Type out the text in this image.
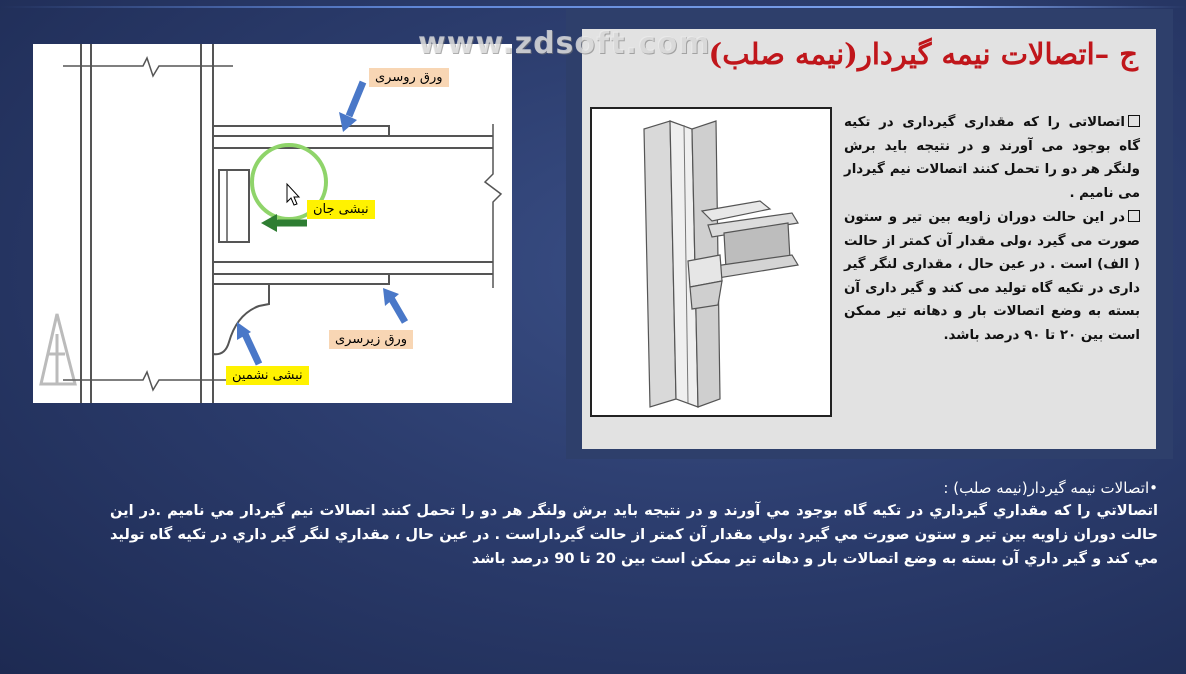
www.zdsoft.com
ورق روسری
نبشی جان
ورق زیرسری
نبشی نشمین
ج –اتصالات نیمه گیردار(نیمه صلب)

اتصالاتی را که مقداری گیرداری در تکیه گاه بوجود می آورند و در نتیجه باید برش ولنگر هر دو را تحمل کنند اتصالات نیم گیردار می نامیم .

در این حالت دوران زاویه بین تیر و ستون صورت می گیرد ،ولی مقدار آن کمتر از حالت ( الف) است . در عین حال ، مقداری لنگر گیر داری در تکیه گاه تولید می کند و گیر داری آن بسته به وضع اتصالات بار و دهانه تیر ممکن است بین ۲۰ تا ۹۰ درصد باشد.

•اتصالات نیمه گیردار(نیمه صلب) :

اتصالاتي را كه مقداري گيرداري در تكيه گاه بوجود مي آورند و در نتيجه بايد برش ولنگر هر دو را تحمل كنند اتصالات نيم گيردار مي ناميم .در اين حالت دوران زاويه بين تير و ستون صورت مي گيرد ،ولي مقدار آن كمتر از حالت گيرداراست . در عين حال ، مقداري لنگر گير داري در تكيه گاه توليد مي كند و گير داري آن بسته به وضع اتصالات بار و دهانه تير ممكن است بين 20 تا 90 درصد باشد
